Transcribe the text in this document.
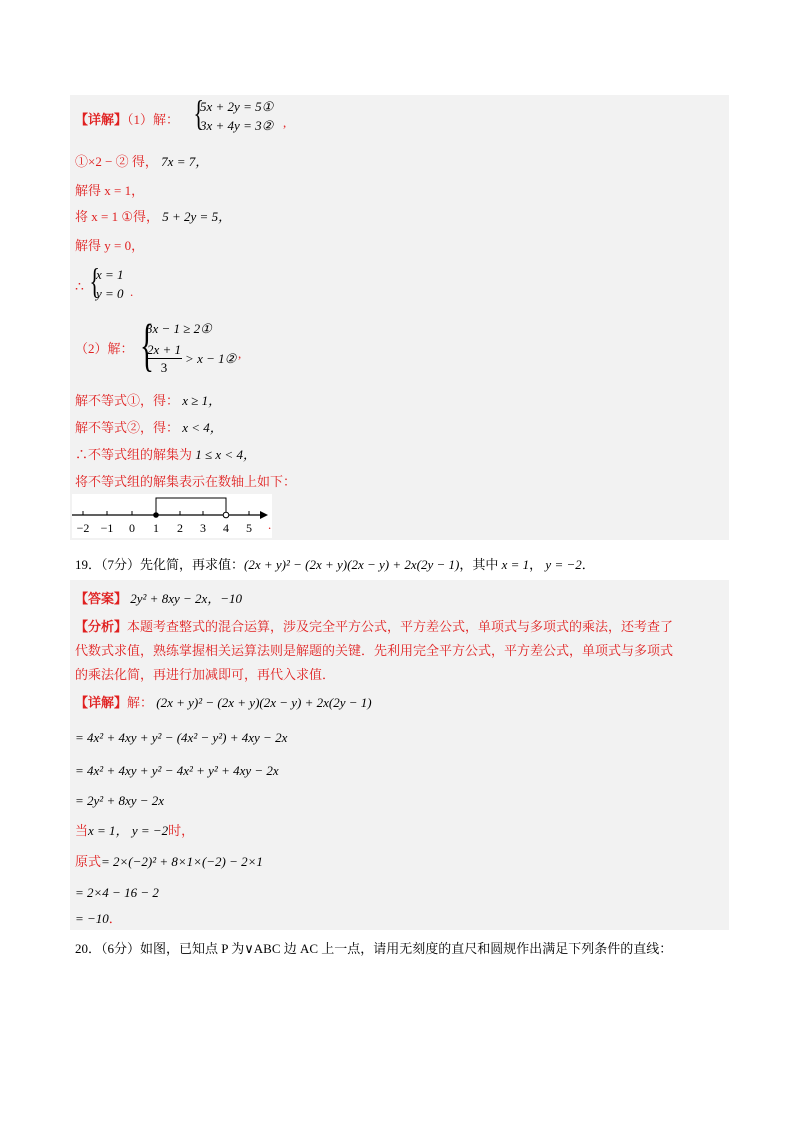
【详解】（1）解： {
5x + 2y = 5①
3x + 4y = 3② ,
①×2 − ② 得， 7x = 7，
解得 x = 1，
将 x = 1 ①得， 5 + 2y = 5，
解得 y = 0，
∴ {
x = 1
y = 0 .
（2）解： {
3x − 1 ≥ 2①
$\frac{2x + 1}{3} > x$ − 1② ,
解不等式①，得： x ≥ 1，
解不等式②，得： x < 4，
∴不等式组的解集为 1 ≤ x < 4，
将不等式组的解集表示在数轴上如下：
−2 −1 0 1 2 3 4 5 .
19．（7分）先化简，再求值：(2x + y)² − (2x + y)(2x − y) + 2x(2y − 1)，其中 x = 1， y = −2．
【答案】 2y² + 8xy − 2x，−10
【分析】本题考查整式的混合运算，涉及完全平方公式，平方差公式，单项式与多项式的乘法，还考查了
代数式求值，熟练掌握相关运算法则是解题的关键．先利用完全平方公式，平方差公式，单项式与多项式
的乘法化简，再进行加减即可，再代入求值．
【详解】解： (2x + y)² − (2x + y)(2x − y) + 2x(2y − 1)
= 4x² + 4xy + y² − (4x² − y²) + 4xy − 2x
= 4x² + 4xy + y² − 4x² + y² + 4xy − 2x
= 2y² + 8xy − 2x
当x = 1， y = −2时，
原式= 2×(−2)² + 8×1×(−2) − 2×1
= 2×4 − 16 − 2
= −10．
20．（6分）如图，已知点 P 为∨ABC 边 AC 上一点，请用无刻度的直尺和圆规作出满足下列条件的直线：
